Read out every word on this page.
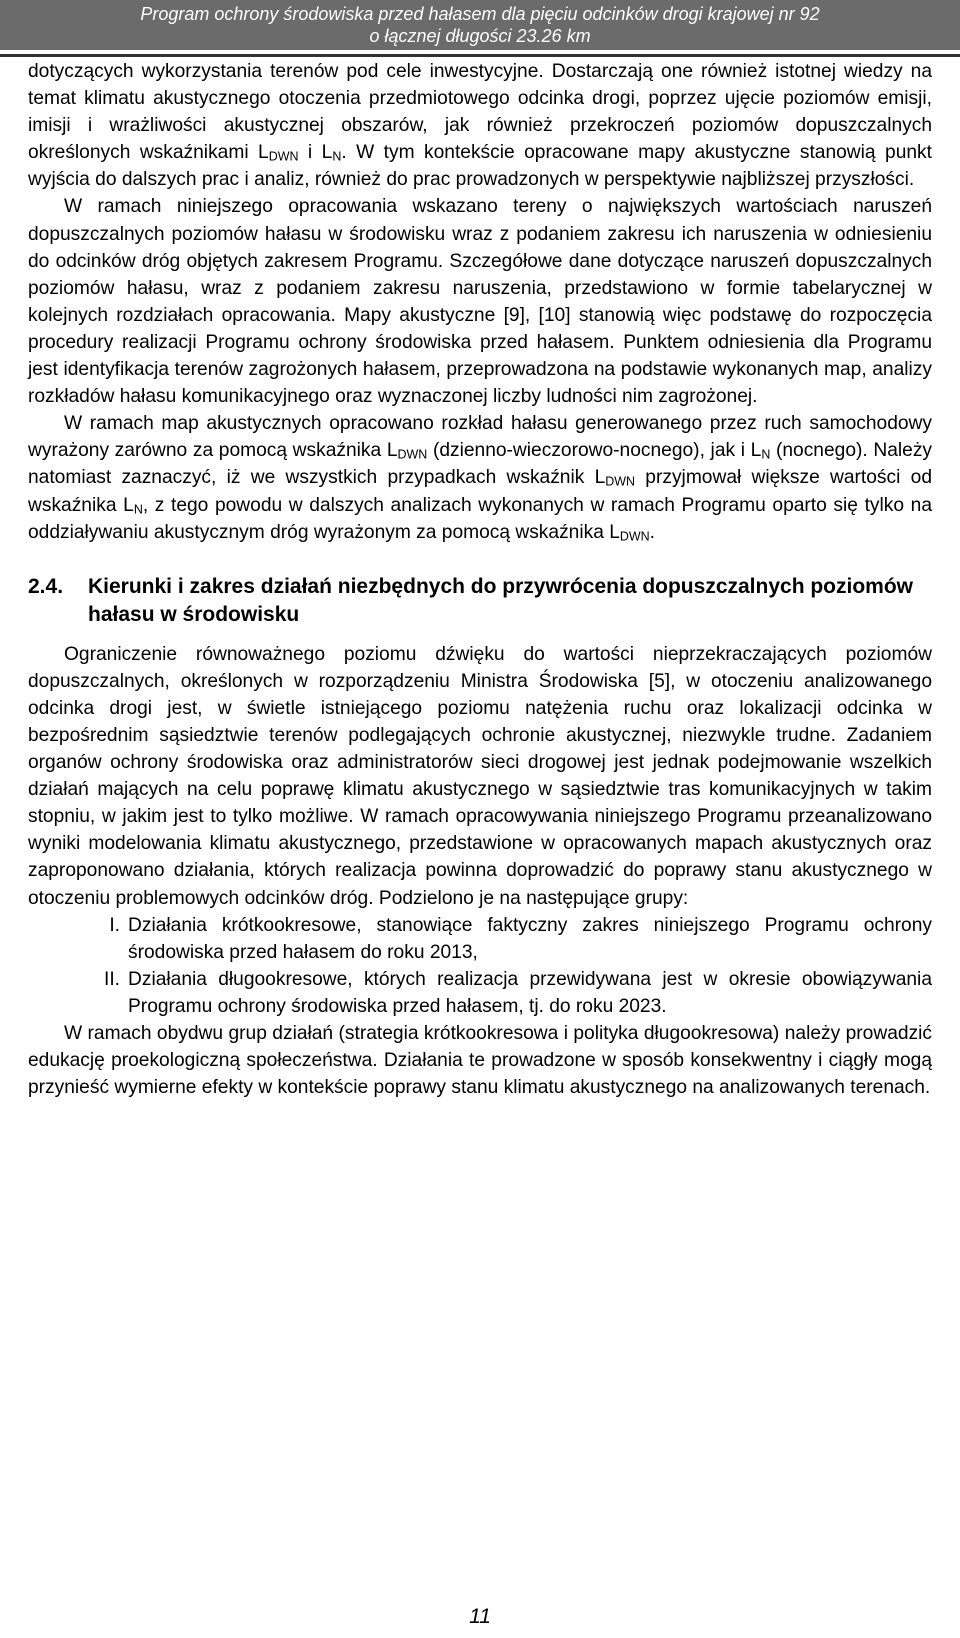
Program ochrony środowiska przed hałasem dla pięciu odcinków drogi krajowej nr 92
o łącznej długości 23.26 km

dotyczących wykorzystania terenów pod cele inwestycyjne. Dostarczają one również istotnej wiedzy na temat klimatu akustycznego otoczenia przedmiotowego odcinka drogi, poprzez ujęcie poziomów emisji, imisji i wrażliwości akustycznej obszarów, jak również przekroczeń poziomów dopuszczalnych określonych wskaźnikami $L_{DWN}$ i $L_N$. W tym kontekście opracowane mapy akustyczne stanowią punkt wyjścia do dalszych prac i analiz, również do prac prowadzonych w perspektywie najbliższej przyszłości.

W ramach niniejszego opracowania wskazano tereny o największych wartościach naruszeń dopuszczalnych poziomów hałasu w środowisku wraz z podaniem zakresu ich naruszenia w odniesieniu do odcinków dróg objętych zakresem Programu. Szczegółowe dane dotyczące naruszeń dopuszczalnych poziomów hałasu, wraz z podaniem zakresu naruszenia, przedstawiono w formie tabelarycznej w kolejnych rozdziałach opracowania. Mapy akustyczne [9], [10] stanowią więc podstawę do rozpoczęcia procedury realizacji Programu ochrony środowiska przed hałasem. Punktem odniesienia dla Programu jest identyfikacja terenów zagrożonych hałasem, przeprowadzona na podstawie wykonanych map, analizy rozkładów hałasu komunikacyjnego oraz wyznaczonej liczby ludności nim zagrożonej.

W ramach map akustycznych opracowano rozkład hałasu generowanego przez ruch samochodowy wyrażony zarówno za pomocą wskaźnika $L_{DWN}$ (dzienno-wieczorowo-nocnego), jak i $L_N$ (nocnego). Należy natomiast zaznaczyć, iż we wszystkich przypadkach wskaźnik $L_{DWN}$ przyjmował większe wartości od wskaźnika $L_N$, z tego powodu w dalszych analizach wykonanych w ramach Programu oparto się tylko na oddziaływaniu akustycznym dróg wyrażonym za pomocą wskaźnika $L_{DWN}$.

2.4.	Kierunki i zakres działań niezbędnych do przywrócenia dopuszczalnych poziomów hałasu w środowisku

Ograniczenie równoważnego poziomu dźwięku do wartości nieprzekraczających poziomów dopuszczalnych, określonych w rozporządzeniu Ministra Środowiska [5], w otoczeniu analizowanego odcinka drogi jest, w świetle istniejącego poziomu natężenia ruchu oraz lokalizacji odcinka w bezpośrednim sąsiedztwie terenów podlegających ochronie akustycznej, niezwykle trudne. Zadaniem organów ochrony środowiska oraz administratorów sieci drogowej jest jednak podejmowanie wszelkich działań mających na celu poprawę klimatu akustycznego w sąsiedztwie tras komunikacyjnych w takim stopniu, w jakim jest to tylko możliwe. W ramach opracowywania niniejszego Programu przeanalizowano wyniki modelowania klimatu akustycznego, przedstawione w opracowanych mapach akustycznych oraz zaproponowano działania, których realizacja powinna doprowadzić do poprawy stanu akustycznego w otoczeniu problemowych odcinków dróg. Podzielono je na następujące grupy:

I. Działania krótkookresowe, stanowiące faktyczny zakres niniejszego Programu ochrony środowiska przed hałasem do roku 2013,
II. Działania długookresowe, których realizacja przewidywana jest w okresie obowiązywania Programu ochrony środowiska przed hałasem, tj. do roku 2023.

W ramach obydwu grup działań (strategia krótkookresowa i polityka długookresowa) należy prowadzić edukację proekologiczną społeczeństwa. Działania te prowadzone w sposób konsekwentny i ciągły mogą przynieść wymierne efekty w kontekście poprawy stanu klimatu akustycznego na analizowanych terenach.

11
